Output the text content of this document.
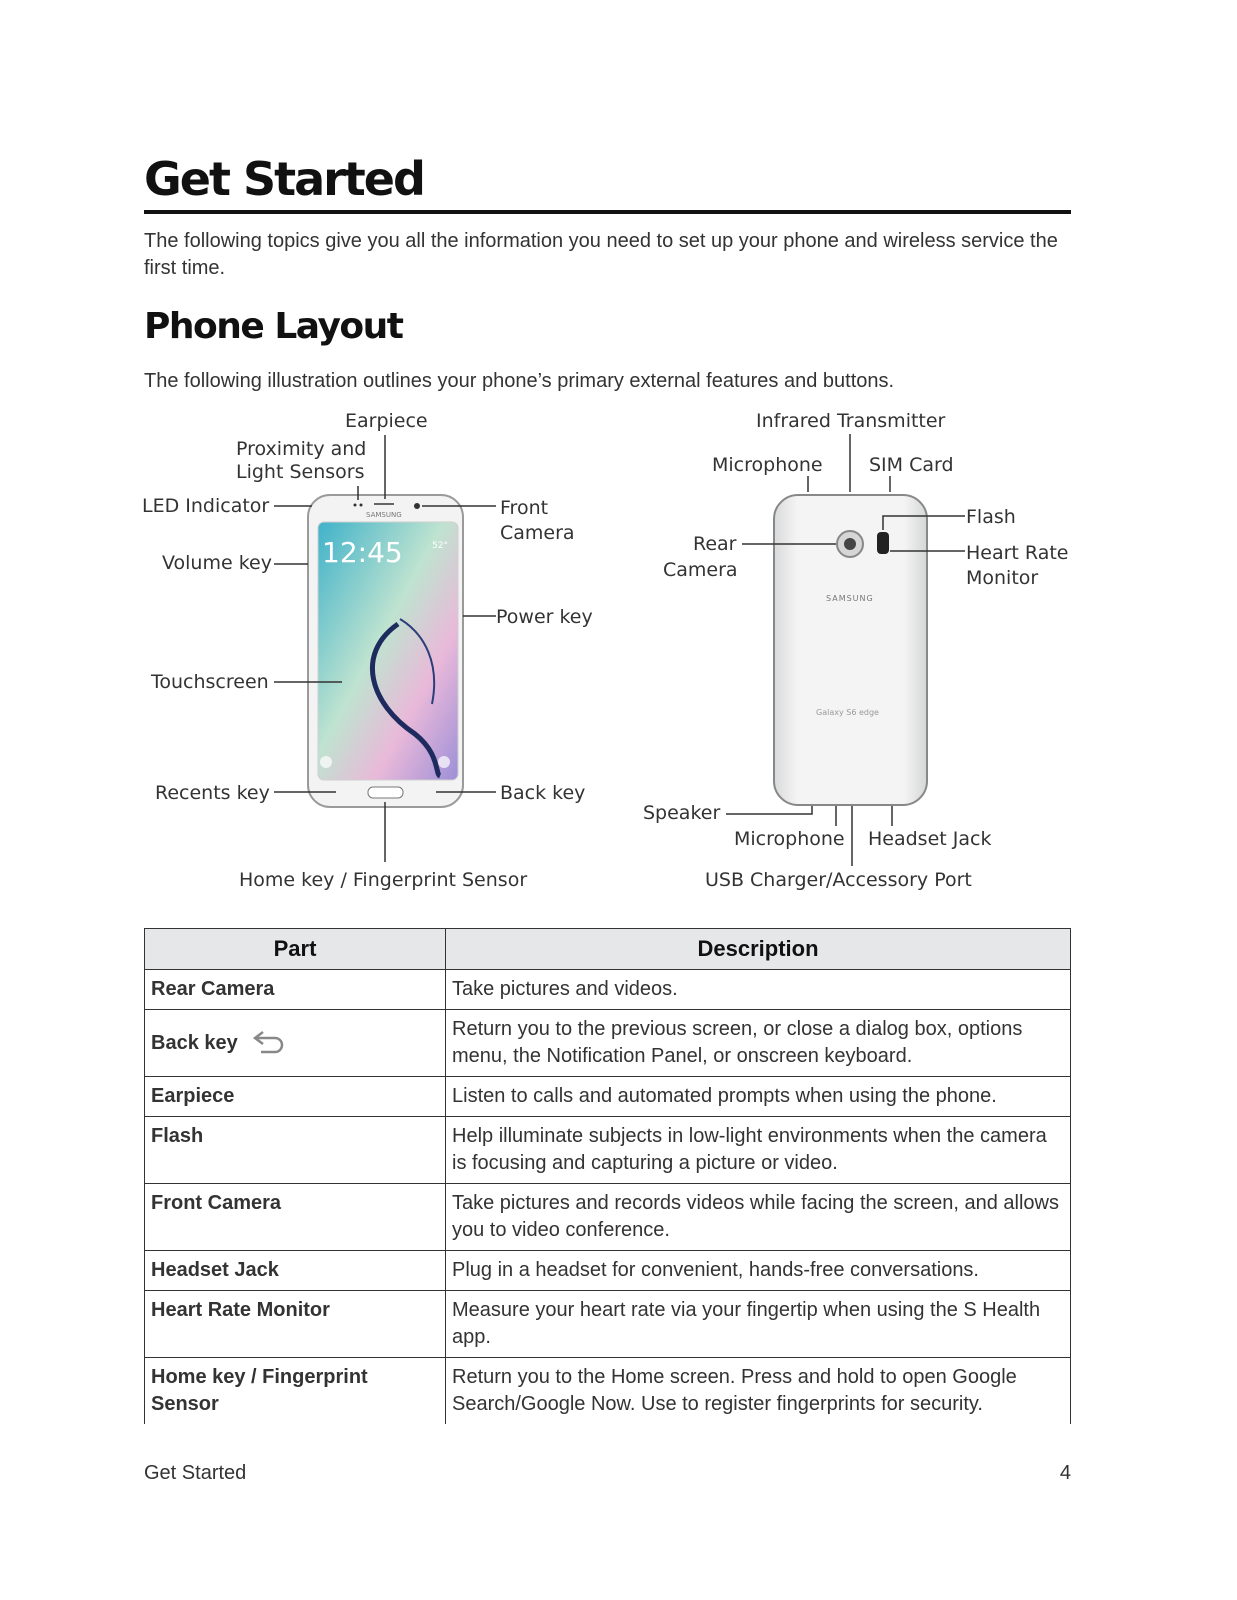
Get Started

The following topics give you all the information you need to set up your phone and wireless service the first time.

Phone Layout

The following illustration outlines your phone’s primary external features and buttons.

SAMSUNG
12:45	52°
Earpiece
Proximity and
Light Sensors
LED Indicator	Front
Camera
Volume key
Power key
Touchscreen
Recents key	Back key
Home key / Fingerprint Sensor
SAMSUNG
Galaxy S6 edge
Infrared Transmitter
Microphone SIM Card
Flash
Rear
Camera
Heart Rate
Monitor
Speaker
Microphone Headset Jack
USB Charger/Accessory Port
Part	Description
Rear Camera	Take pictures and videos.
Back key	Return you to the previous screen, or close a dialog box, options menu, the Notification Panel, or onscreen keyboard.
Earpiece	Listen to calls and automated prompts when using the phone.
Flash	Help illuminate subjects in low-light environments when the camera is focusing and capturing a picture or video.
Front Camera	Take pictures and records videos while facing the screen, and allows you to video conference.
Headset Jack	Plug in a headset for convenient, hands-free conversations.
Heart Rate Monitor	Measure your heart rate via your fingertip when using the S Health app.
Home key / Fingerprint Sensor	Return you to the Home screen. Press and hold to open Google Search/Google Now. Use to register fingerprints for security.
Get Started	4
